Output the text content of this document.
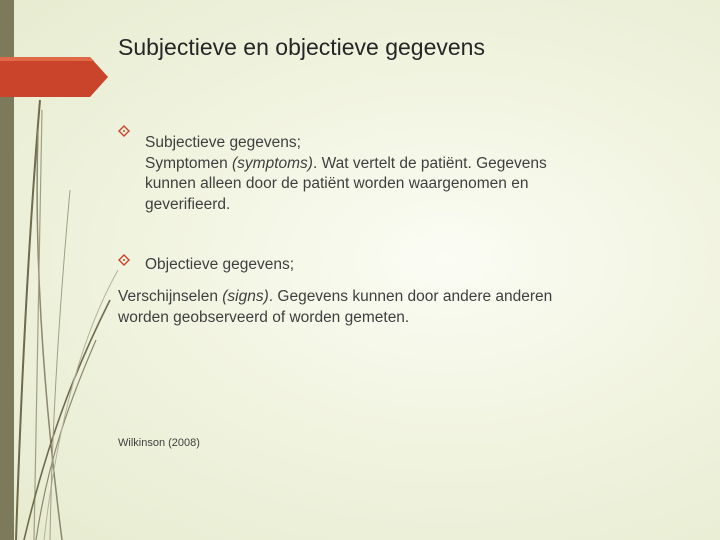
Subjectieve en objectieve gegevens
Subjectieve gegevens;
Symptomen (symptoms). Wat vertelt de patiënt. Gegevens
kunnen alleen door de patiënt worden waargenomen en
geverifieerd.
Objectieve gegevens;
Verschijnselen (signs). Gegevens kunnen door andere anderen
worden geobserveerd of worden gemeten.

Wilkinson (2008)
